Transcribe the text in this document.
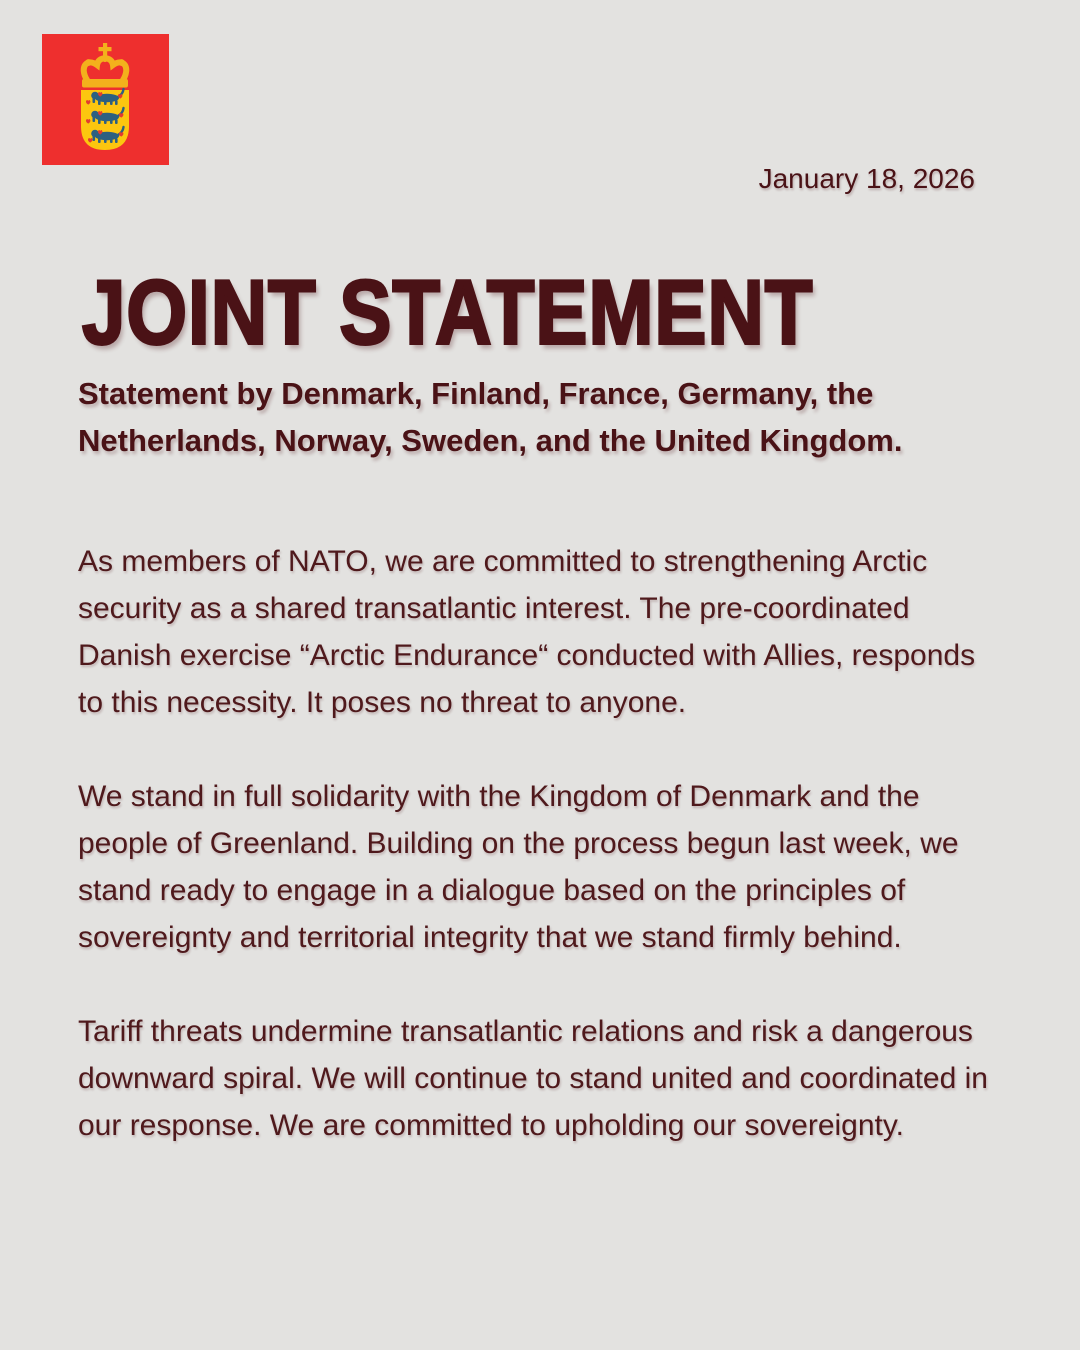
January 18, 2026
JOINT STATEMENT
Statement by Denmark, Finland, France, Germany, the Netherlands, Norway, Sweden, and the United Kingdom.

As members of NATO, we are committed to strengthening Arctic security as a shared transatlantic interest. The pre-coordinated Danish exercise “Arctic Endurance“ conducted with Allies, responds to this necessity. It poses no threat to anyone.

We stand in full solidarity with the Kingdom of Denmark and the people of Greenland. Building on the process begun last week, we stand ready to engage in a dialogue based on the principles of sovereignty and territorial integrity that we stand firmly behind.

Tariff threats undermine transatlantic relations and risk a dangerous downward spiral. We will continue to stand united and coordinated in our response. We are committed to upholding our sovereignty.
